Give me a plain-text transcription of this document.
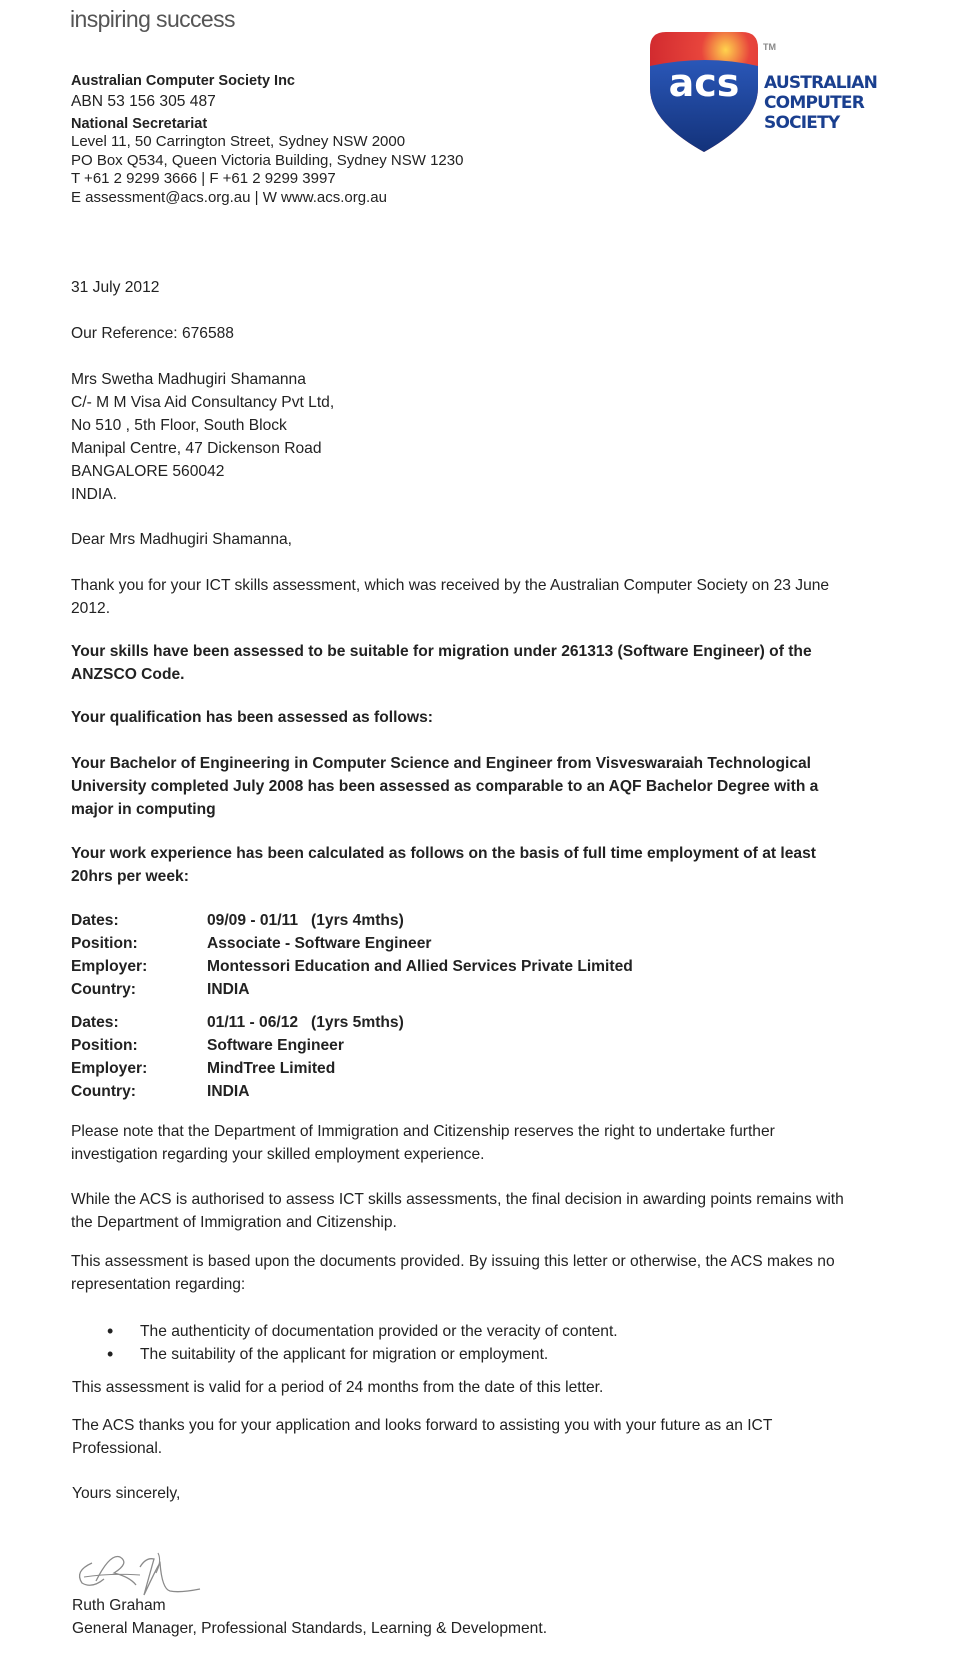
inspiring success
acs
TM
AUSTRALIAN
COMPUTER
SOCIETY
Australian Computer Society Inc
ABN 53 156 305 487
National Secretariat
Level 11, 50 Carrington Street, Sydney NSW 2000
PO Box Q534, Queen Victoria Building, Sydney NSW 1230
T +61 2 9299 3666 | F +61 2 9299 3997
E assessment@acs.org.au | W www.acs.org.au
31 July 2012
Our Reference: 676588
Mrs Swetha Madhugiri Shamanna
C/- M M Visa Aid Consultancy Pvt Ltd,
No 510 , 5th Floor, South Block
Manipal Centre, 47 Dickenson Road
BANGALORE 560042
INDIA.
Dear Mrs Madhugiri Shamanna,
Thank you for your ICT skills assessment, which was received by the Australian Computer Society on 23 June 2012.
Your skills have been assessed to be suitable for migration under 261313 (Software Engineer) of the ANZSCO Code.
Your qualification has been assessed as follows:
Your Bachelor of Engineering in Computer Science and Engineer from Visveswaraiah Technological University completed July 2008 has been assessed as comparable to an AQF Bachelor Degree with a major in computing
Your work experience has been calculated as follows on the basis of full time employment of at least 20hrs per week:
Dates:	09/09 - 01/11   (1yrs 4mths)
Position:	Associate - Software Engineer
Employer:	Montessori Education and Allied Services Private Limited
Country:	INDIA
Dates:	01/11 - 06/12   (1yrs 5mths)
Position:	Software Engineer
Employer:	MindTree Limited
Country:	INDIA
Please note that the Department of Immigration and Citizenship reserves the right to undertake further investigation regarding your skilled employment experience.
While the ACS is authorised to assess ICT skills assessments, the final decision in awarding points remains with the Department of Immigration and Citizenship.
This assessment is based upon the documents provided. By issuing this letter or otherwise, the ACS makes no representation regarding:
• The authenticity of documentation provided or the veracity of content.
• The suitability of the applicant for migration or employment.
This assessment is valid for a period of 24 months from the date of this letter.
The ACS thanks you for your application and looks forward to assisting you with your future as an ICT Professional.
Yours sincerely,
Ruth Graham
General Manager, Professional Standards, Learning & Development.
